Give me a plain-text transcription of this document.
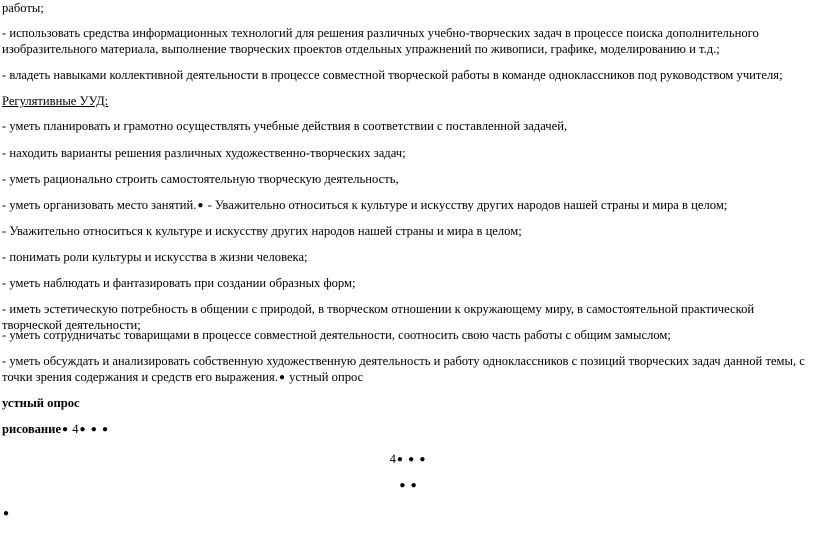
работы;
- использовать средства информационных технологий для решения различных учебно-творческих задач в процессе поиска дополнительного изобразительного материала, выполнение творческих проектов отдельных упражнений по живописи, графике, моделированию и т.д.;
- владеть навыками коллективной деятельности в процессе совместной творческой работы в команде одноклассников под руководством учителя;
Регулятивные УУД:
- уметь планировать и грамотно осуществлять учебные действия в соответствии с поставленной задачей,
- находить варианты решения различных художественно-творческих задач;
- уметь рационально строить самостоятельную творческую деятельность,
- уметь организовать место занятий.● - Уважительно относиться к культуре и искусству других народов нашей страны и мира в целом;
- Уважительно относиться к культуре и искусству других народов нашей страны и мира в целом;
- понимать роли культуры и искусства в жизни человека;
- уметь наблюдать и фантазировать при создании образных форм;
- иметь эстетическую потребность в общении с природой, в творческом отношении к окружающему миру, в самостоятельной практической творческой деятельности;
- уметь сотрудничатьс товарищами в процессе совместной деятельности, соотносить свою часть работы с общим замыслом;
- уметь обсуждать и анализировать собственную художественную деятельность и работу одноклассников с позиций творческих задач данной темы, с точки зрения содержания и средств его выражения.● устный опрос
устный опрос
рисование● 4● ● ●
4● ● ●
● ●
●
